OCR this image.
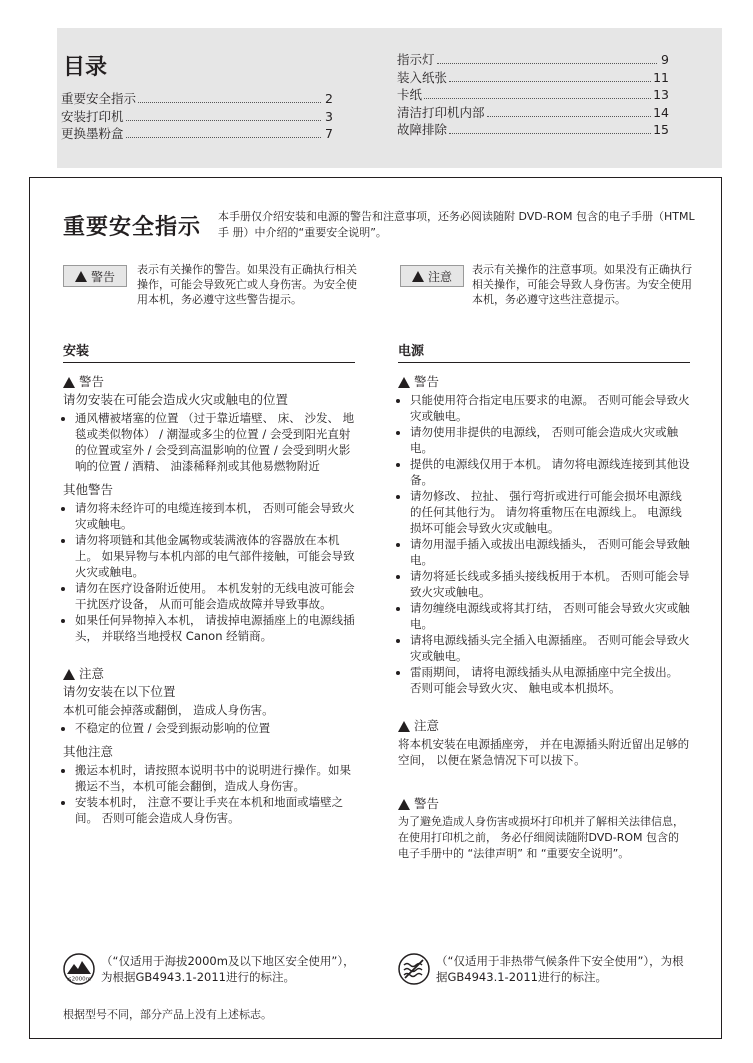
目录
重要安全指示	2
安装打印机	3
更换墨粉盒	7
指示灯	9
装入纸张	11
卡纸	13
清洁打印机内部	14
故障排除	15
重要安全指示 本手册仅介绍安装和电源的警告和注意事项，还务必阅读随附 DVD-ROM 包含的电子手册（HTML手 册）中介绍的“重要安全说明”。
警告 表示有关操作的警告。如果没有正确执行相关操作，可能会导致死亡或人身伤害。为安全使用本机，务必遵守这些警告提示。
注意 表示有关操作的注意事项。如果没有正确执行相关操作，可能会导致人身伤害。为安全使用本机，务必遵守这些注意提示。
安装
警告
请勿安装在可能会造成火灾或触电的位置
• 通风槽被堵塞的位置 （过于靠近墙壁、 床、 沙发、 地毯或类似物体） / 潮湿或多尘的位置 / 会受到阳光直射的位置或室外 / 会受到高温影响的位置 / 会受到明火影响的位置 / 酒精、 油漆稀释剂或其他易燃物附近
其他警告
• 请勿将未经许可的电缆连接到本机， 否则可能会导致火灾或触电。
• 请勿将项链和其他金属物或装满液体的容器放在本机上。 如果异物与本机内部的电气部件接触，可能会导致火灾或触电。
• 请勿在医疗设备附近使用。 本机发射的无线电波可能会干扰医疗设备， 从而可能会造成故障并导致事故。
• 如果任何异物掉入本机， 请拔掉电源插座上的电源线插头， 并联络当地授权 Canon 经销商。
注意
请勿安装在以下位置

本机可能会掉落或翻倒， 造成人身伤害。

• 不稳定的位置 / 会受到振动影响的位置
其他注意
• 搬运本机时，请按照本说明书中的说明进行操作。如果搬运不当，本机可能会翻倒，造成人身伤害。
• 安装本机时， 注意不要让手夹在本机和地面或墙壁之间。 否则可能会造成人身伤害。
电源
警告
• 只能使用符合指定电压要求的电源。 否则可能会导致火灾或触电。
• 请勿使用非提供的电源线， 否则可能会造成火灾或触电。
• 提供的电源线仅用于本机。 请勿将电源线连接到其他设备。
• 请勿修改、 拉扯、 强行弯折或进行可能会损坏电源线的任何其他行为。 请勿将重物压在电源线上。 电源线损坏可能会导致火灾或触电。
• 请勿用湿手插入或拔出电源线插头， 否则可能会导致触电。
• 请勿将延长线或多插头接线板用于本机。 否则可能会导致火灾或触电。
• 请勿缠绕电源线或将其打结， 否则可能会导致火灾或触电。
• 请将电源线插头完全插入电源插座。 否则可能会导致火灾或触电。
• 雷雨期间， 请将电源线插头从电源插座中完全拔出。 否则可能会导致火灾、 触电或本机损坏。
注意

将本机安装在电源插座旁， 并在电源插头附近留出足够的空间， 以便在紧急情况下可以拔下。

警告

为了避免造成人身伤害或损坏打印机并了解相关法律信息， 在使用打印机之前， 务必仔细阅读随附DVD-ROM 包含的电子手册中的 “法律声明” 和 “重要安全说明”。

≤2000m
（“仅适用于海拔2000m及以下地区安全使用”），为根据GB4943.1-2011进行的标注。
（“仅适用于非热带气候条件下安全使用”），为根据GB4943.1-2011进行的标注。
根据型号不同，部分产品上没有上述标志。
